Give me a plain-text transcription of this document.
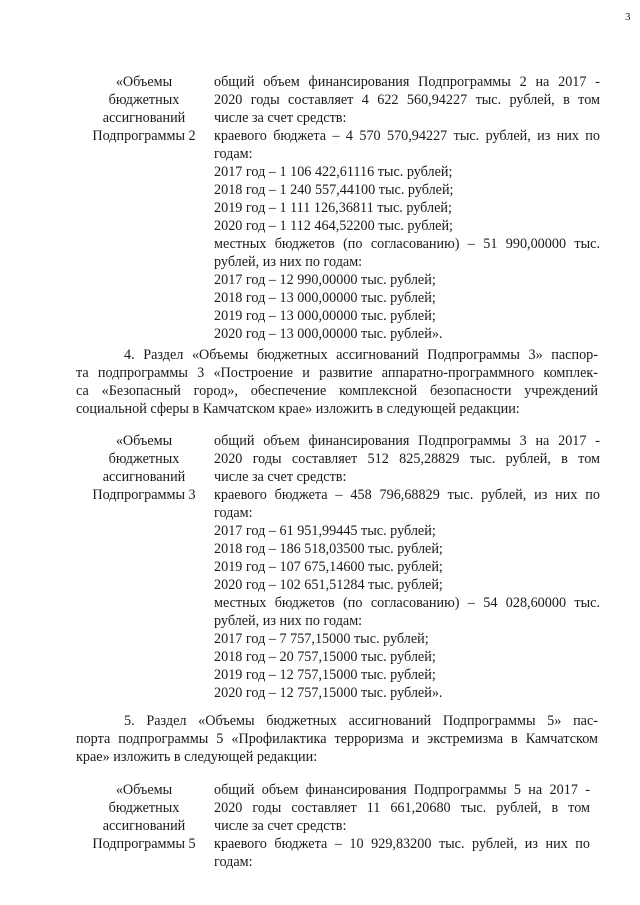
3
«Объемы
бюджетных
ассигнований
Подпрограммы 2
общий объем финансирования Подпрограммы 2 на 2017 -
2020 годы составляет 4 622 560,94227 тыс. рублей, в том
числе за счет средств:
краевого бюджета – 4 570 570,94227 тыс. рублей, из них по
годам:
2017 год – 1 106 422,61116 тыс. рублей;
2018 год – 1 240 557,44100 тыс. рублей;
2019 год – 1 111 126,36811 тыс. рублей;
2020 год – 1 112 464,52200 тыс. рублей;
местных бюджетов (по согласованию) – 51 990,00000 тыс.
рублей, из них по годам:
2017 год – 12 990,00000 тыс. рублей;
2018 год – 13 000,00000 тыс. рублей;
2019 год – 13 000,00000 тыс. рублей;
2020 год – 13 000,00000 тыс. рублей».
4. Раздел «Объемы бюджетных ассигнований Подпрограммы 3» паспор-
та подпрограммы 3 «Построение и развитие аппаратно-программного комплек-
са «Безопасный город», обеспечение комплексной безопасности учреждений
социальной сферы в Камчатском крае» изложить в следующей редакции:
«Объемы
бюджетных
ассигнований
Подпрограммы 3
общий объем финансирования Подпрограммы 3 на 2017 -
2020 годы составляет 512 825,28829 тыс. рублей, в том
числе за счет средств:
краевого бюджета – 458 796,68829 тыс. рублей, из них по
годам:
2017 год – 61 951,99445 тыс. рублей;
2018 год – 186 518,03500 тыс. рублей;
2019 год – 107 675,14600 тыс. рублей;
2020 год – 102 651,51284 тыс. рублей;
местных бюджетов (по согласованию) – 54 028,60000 тыс.
рублей, из них по годам:
2017 год – 7 757,15000 тыс. рублей;
2018 год – 20 757,15000 тыс. рублей;
2019 год – 12 757,15000 тыс. рублей;
2020 год – 12 757,15000 тыс. рублей».
5. Раздел «Объемы бюджетных ассигнований Подпрограммы 5» пас-
порта подпрограммы 5 «Профилактика терроризма и экстремизма в Камчатском
крае» изложить в следующей редакции:
«Объемы
бюджетных
ассигнований
Подпрограммы 5
общий объем финансирования Подпрограммы 5 на 2017 -
2020 годы составляет 11 661,20680 тыс. рублей, в том
числе за счет средств:
краевого бюджета – 10 929,83200 тыс. рублей, из них по
годам:
